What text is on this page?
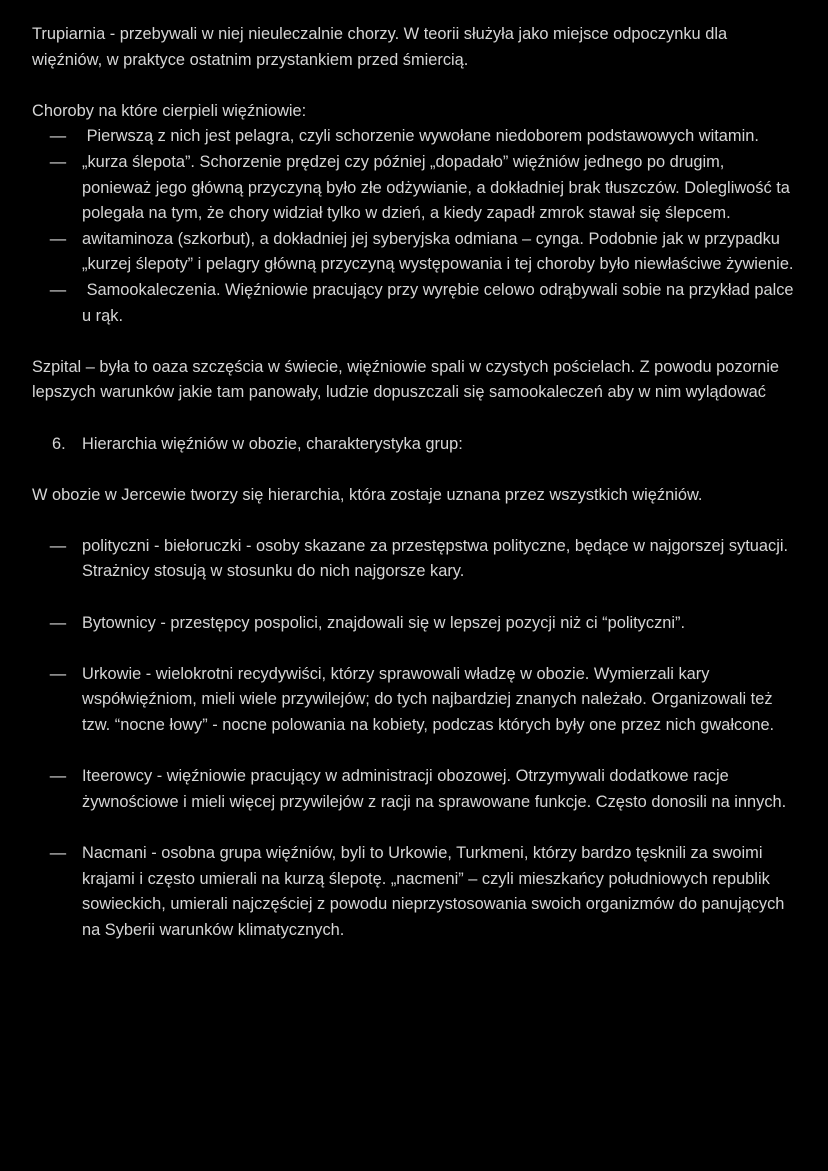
Trupiarnia - przebywali w niej nieuleczalnie chorzy. W teorii służyła jako miejsce odpoczynku dla więźniów, w praktyce ostatnim przystankiem przed śmiercią.

Choroby na które cierpieli więźniowie:

— Pierwszą z nich jest pelagra, czyli schorzenie wywołane niedoborem podstawowych witamin.
— „kurza ślepota”. Schorzenie prędzej czy później „dopadało” więźniów jednego po drugim, ponieważ jego główną przyczyną było złe odżywianie, a dokładniej brak tłuszczów. Dolegliwość ta polegała na tym, że chory widział tylko w dzień, a kiedy zapadł zmrok stawał się ślepcem.
— awitaminoza (szkorbut), a dokładniej jej syberyjska odmiana – cynga. Podobnie jak w przypadku „kurzej ślepoty” i pelagry główną przyczyną występowania i tej choroby było niewłaściwe żywienie.
— Samookaleczenia. Więźniowie pracujący przy wyrębie celowo odrąbywali sobie na przykład palce u rąk.

Szpital – była to oaza szczęścia w świecie, więźniowie spali w czystych pościelach. Z powodu pozornie lepszych warunków jakie tam panowały, ludzie dopuszczali się samookaleczeń aby w nim wylądować

6. Hierarchia więźniów w obozie, charakterystyka grup:

W obozie w Jercewie tworzy się hierarchia, która zostaje uznana przez wszystkich więźniów.

— polityczni - biełoruczki - osoby skazane za przestępstwa polityczne, będące w najgorszej sytuacji. Strażnicy stosują w stosunku do nich najgorsze kary.
— Bytownicy - przestępcy pospolici, znajdowali się w lepszej pozycji niż ci “polityczni”.
— Urkowie - wielokrotni recydywiści, którzy sprawowali władzę w obozie. Wymierzali kary współwięźniom, mieli wiele przywilejów; do tych najbardziej znanych należało. Organizowali też tzw. “nocne łowy” - nocne polowania na kobiety, podczas których były one przez nich gwałcone.
— Iteerowcy - więźniowie pracujący w administracji obozowej. Otrzymywali dodatkowe racje żywnościowe i mieli więcej przywilejów z racji na sprawowane funkcje. Często donosili na innych.
— Nacmani - osobna grupa więźniów, byli to Urkowie, Turkmeni, którzy bardzo tęsknili za swoimi krajami i często umierali na kurzą ślepotę. „nacmeni” – czyli mieszkańcy południowych republik sowieckich, umierali najczęściej z powodu nieprzystosowania swoich organizmów do panujących na Syberii warunków klimatycznych.
